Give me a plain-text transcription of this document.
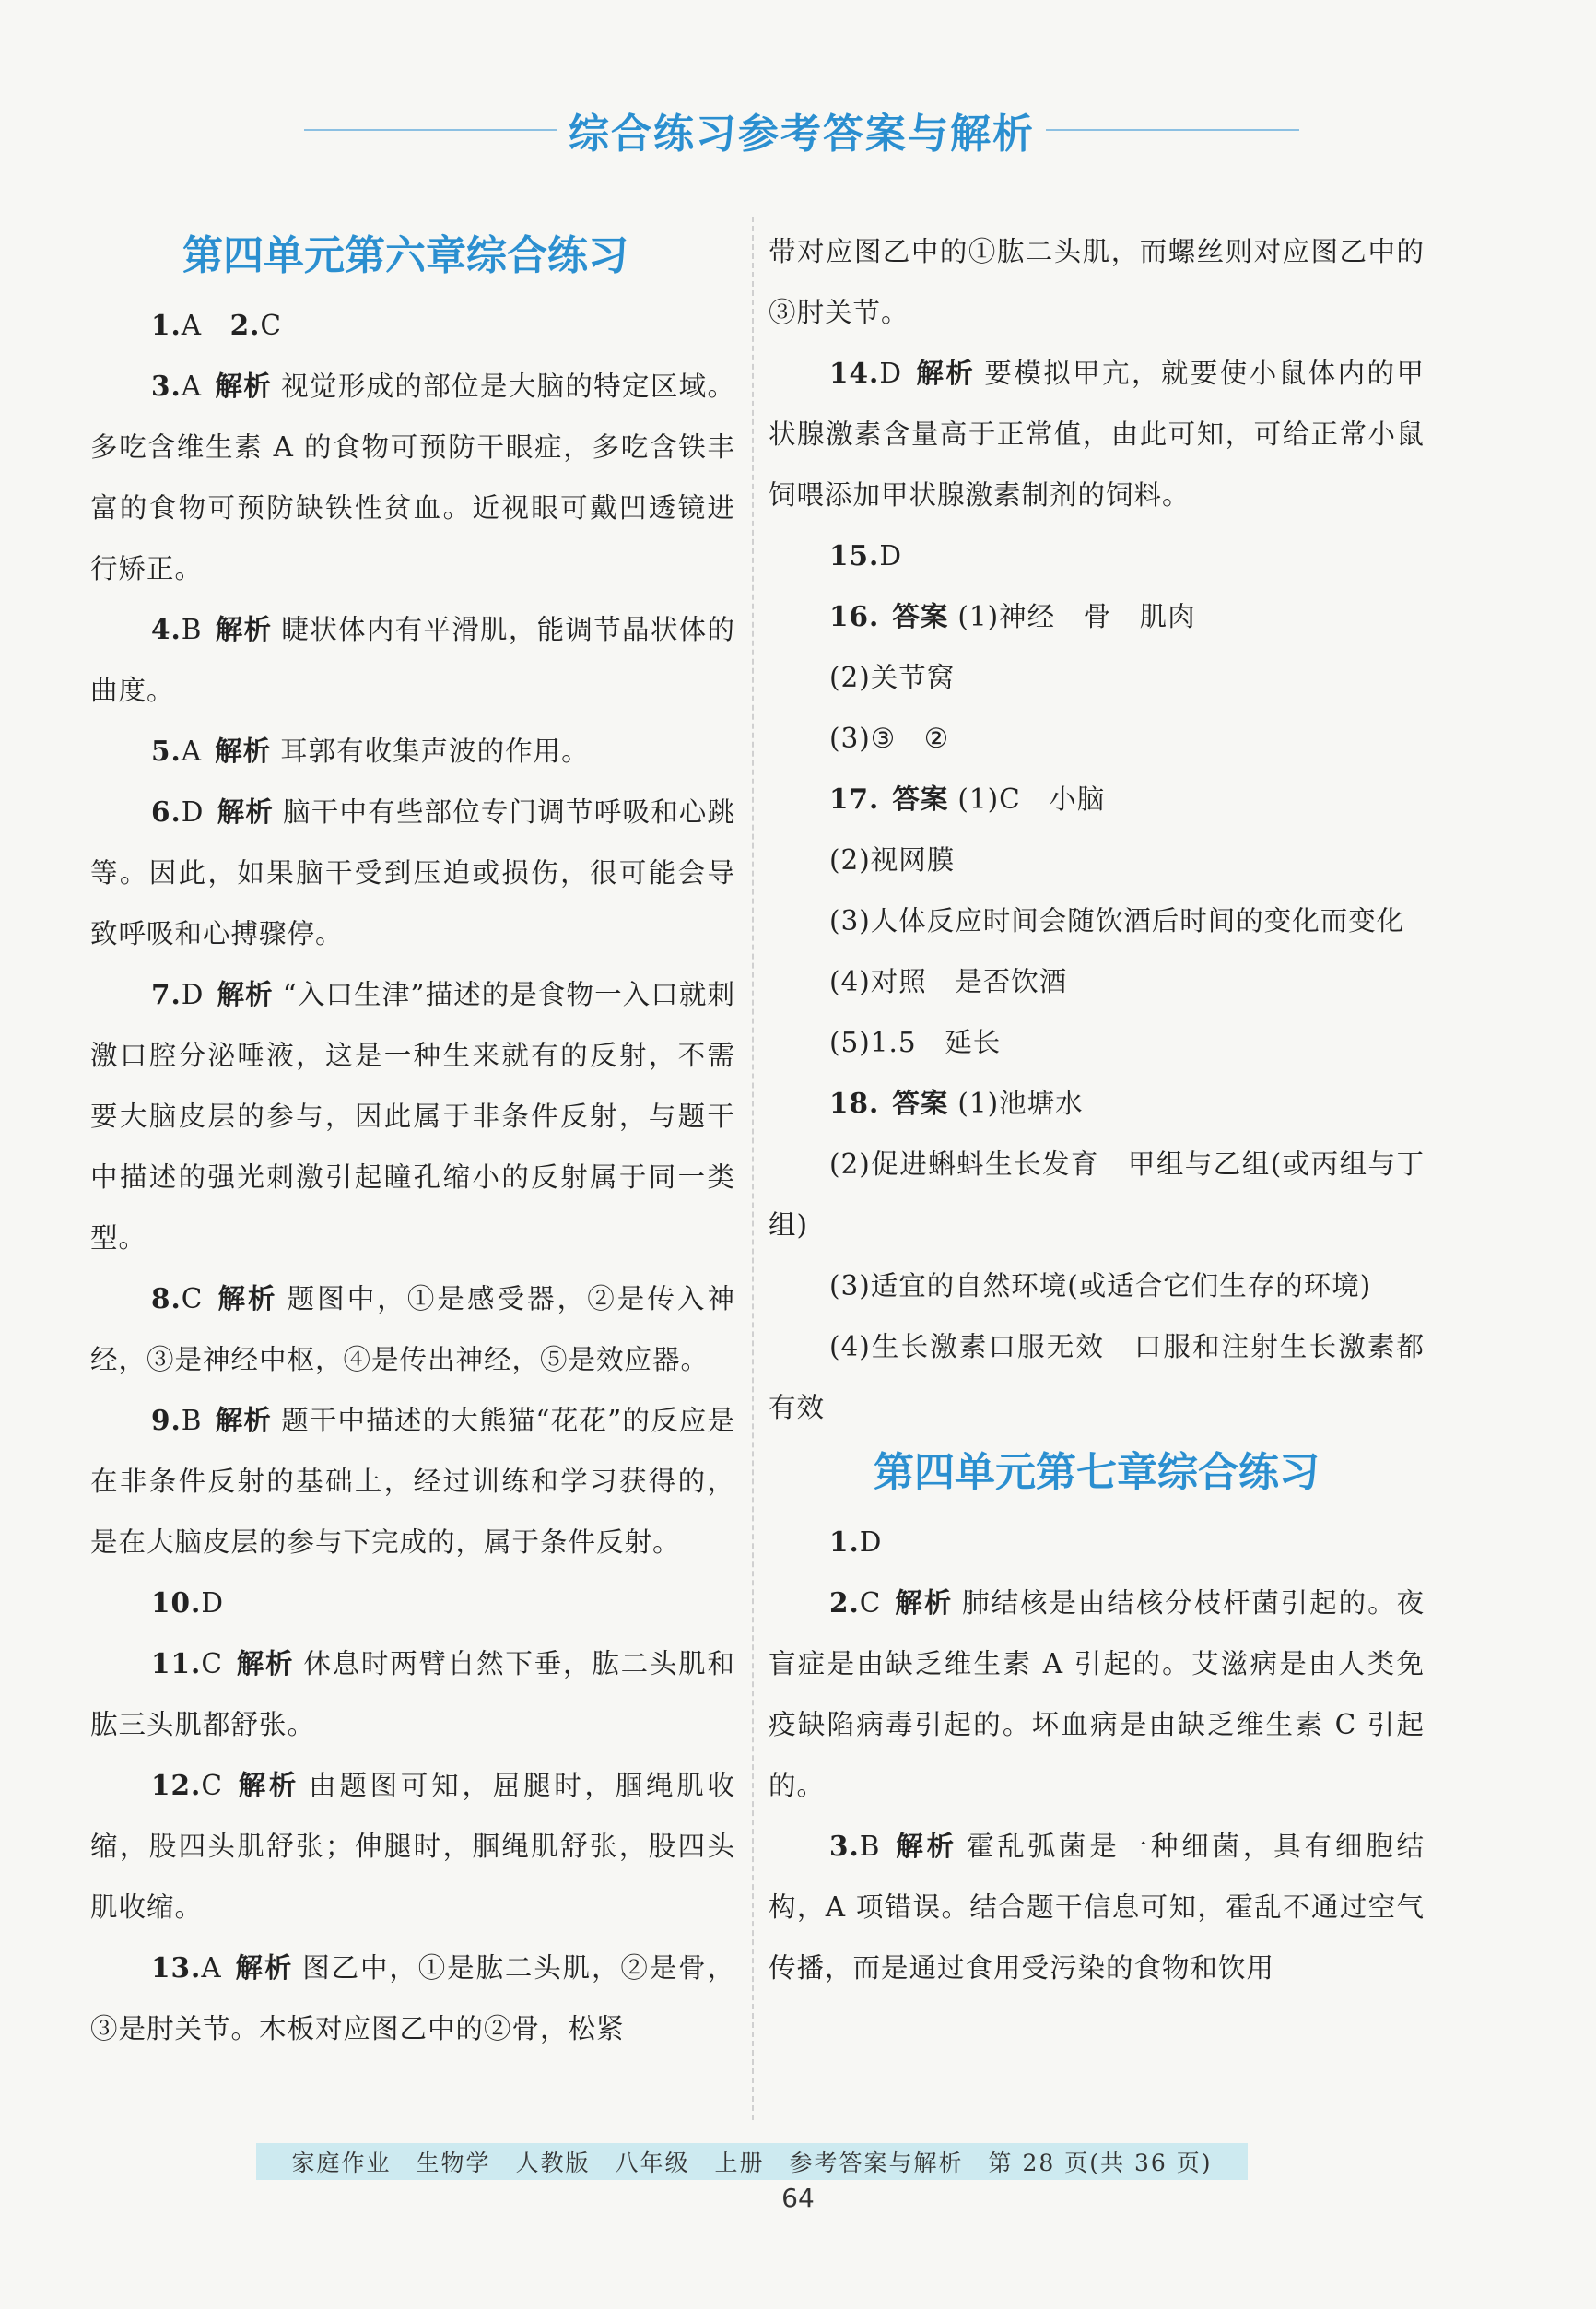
综合练习参考答案与解析
第四单元第六章综合练习

1.A　 2.C

3.A 解析 视觉形成的部位是大脑的特定区域。多吃含维生素 A 的食物可预防干眼症，多吃含铁丰富的食物可预防缺铁性贫血。近视眼可戴凹透镜进行矫正。

4.B 解析 睫状体内有平滑肌，能调节晶状体的曲度。

5.A 解析 耳郭有收集声波的作用。

6.D 解析 脑干中有些部位专门调节呼吸和心跳等。因此，如果脑干受到压迫或损伤，很可能会导致呼吸和心搏骤停。

7.D 解析 “入口生津”描述的是食物一入口就刺激口腔分泌唾液，这是一种生来就有的反射，不需要大脑皮层的参与，因此属于非条件反射，与题干中描述的强光刺激引起瞳孔缩小的反射属于同一类型。

8.C 解析 题图中，①是感受器，②是传入神经，③是神经中枢，④是传出神经，⑤是效应器。

9.B 解析 题干中描述的大熊猫“花花”的反应是在非条件反射的基础上，经过训练和学习获得的，是在大脑皮层的参与下完成的，属于条件反射。

10.D

11.C 解析 休息时两臂自然下垂，肱二头肌和肱三头肌都舒张。

12.C 解析 由题图可知，屈腿时，腘绳肌收缩，股四头肌舒张；伸腿时，腘绳肌舒张，股四头肌收缩。

13.A 解析 图乙中，①是肱二头肌，②是骨，③是肘关节。木板对应图乙中的②骨，松紧

带对应图乙中的①肱二头肌，而螺丝则对应图乙中的③肘关节。

14.D 解析 要模拟甲亢，就要使小鼠体内的甲状腺激素含量高于正常值，由此可知，可给正常小鼠饲喂添加甲状腺激素制剂的饲料。

15.D

16. 答案 (1)神经　骨　肌肉

(2)关节窝

(3)③　②

17. 答案 (1)C　小脑

(2)视网膜

(3)人体反应时间会随饮酒后时间的变化而变化

(4)对照　是否饮酒

(5)1.5　延长

18. 答案 (1)池塘水

(2)促进蝌蚪生长发育　甲组与乙组(或丙组与丁组)

(3)适宜的自然环境(或适合它们生存的环境)

(4)生长激素口服无效　口服和注射生长激素都有效

第四单元第七章综合练习

1.D

2.C 解析 肺结核是由结核分枝杆菌引起的。夜盲症是由缺乏维生素 A 引起的。艾滋病是由人类免疫缺陷病毒引起的。坏血病是由缺乏维生素 C 引起的。

3.B 解析 霍乱弧菌是一种细菌，具有细胞结构，A 项错误。结合题干信息可知，霍乱不通过空气传播，而是通过食用受污染的食物和饮用

家庭作业　生物学　人教版　八年级　上册　参考答案与解析　第 28 页(共 36 页)
64
